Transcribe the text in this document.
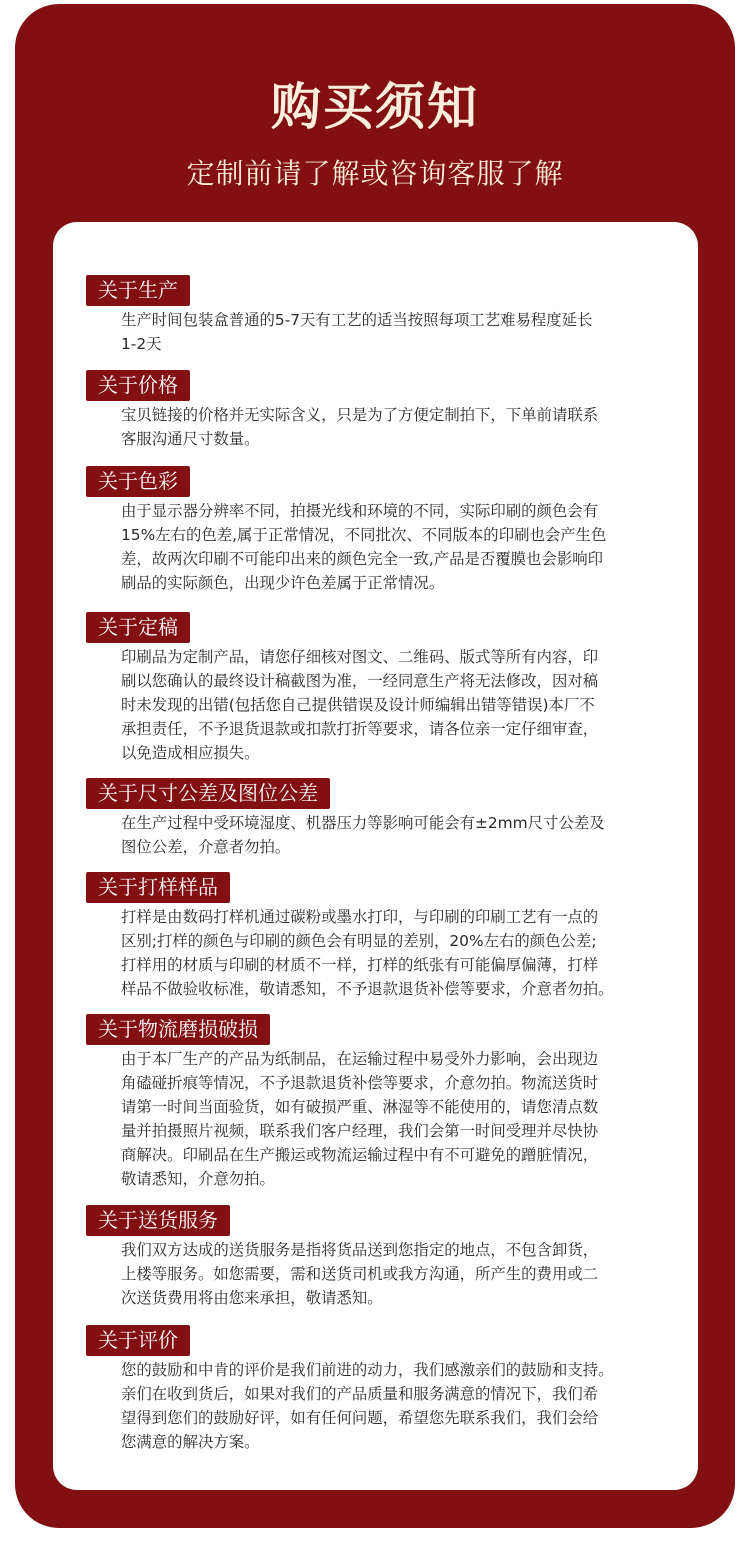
购买须知
定制前请了解或咨询客服了解
关于生产
生产时间包装盒普通的5-7天有工艺的适当按照每项工艺难易程度延长
1-2天
关于价格
宝贝链接的价格并无实际含义，只是为了方便定制拍下，下单前请联系
客服沟通尺寸数量。
关于色彩
由于显示器分辨率不同，拍摄光线和环境的不同，实际印刷的颜色会有
15%左右的色差,属于正常情况，不同批次、不同版本的印刷也会产生色
差，故两次印刷不可能印出来的颜色完全一致,产品是否覆膜也会影响印
刷品的实际颜色，出现少许色差属于正常情况。
关于定稿
印刷品为定制产品，请您仔细核对图文、二维码、版式等所有内容，印
刷以您确认的最终设计稿截图为准，一经同意生产将无法修改，因对稿
时未发现的出错(包括您自己提供错误及设计师编辑出错等错误)本厂不
承担责任，不予退货退款或扣款打折等要求，请各位亲一定仔细审查，
以免造成相应损失。
关于尺寸公差及图位公差
在生产过程中受环境湿度、机器压力等影响可能会有±2mm尺寸公差及
图位公差，介意者勿拍。
关于打样样品
打样是由数码打样机通过碳粉或墨水打印，与印刷的印刷工艺有一点的
区别;打样的颜色与印刷的颜色会有明显的差别，20%左右的颜色公差;
打样用的材质与印刷的材质不一样，打样的纸张有可能偏厚偏薄，打样
样品不做验收标准，敬请悉知，不予退款退货补偿等要求，介意者勿拍。
关于物流磨损破损
由于本厂生产的产品为纸制品，在运输过程中易受外力影响，会出现边
角磕碰折痕等情况，不予退款退货补偿等要求，介意勿拍。物流送货时
请第一时间当面验货，如有破损严重、淋湿等不能使用的，请您清点数
量并拍摄照片视频，联系我们客户经理，我们会第一时间受理并尽快协
商解决。印刷品在生产搬运或物流运输过程中有不可避免的蹭脏情况，
敬请悉知，介意勿拍。
关于送货服务
我们双方达成的送货服务是指将货品送到您指定的地点，不包含卸货，
上楼等服务。如您需要，需和送货司机或我方沟通，所产生的费用或二
次送货费用将由您来承担，敬请悉知。
关于评价
您的鼓励和中肯的评价是我们前进的动力，我们感激亲们的鼓励和支持。
亲们在收到货后，如果对我们的产品质量和服务满意的情况下，我们希
望得到您们的鼓励好评，如有任何问题，希望您先联系我们，我们会给
您满意的解决方案。
